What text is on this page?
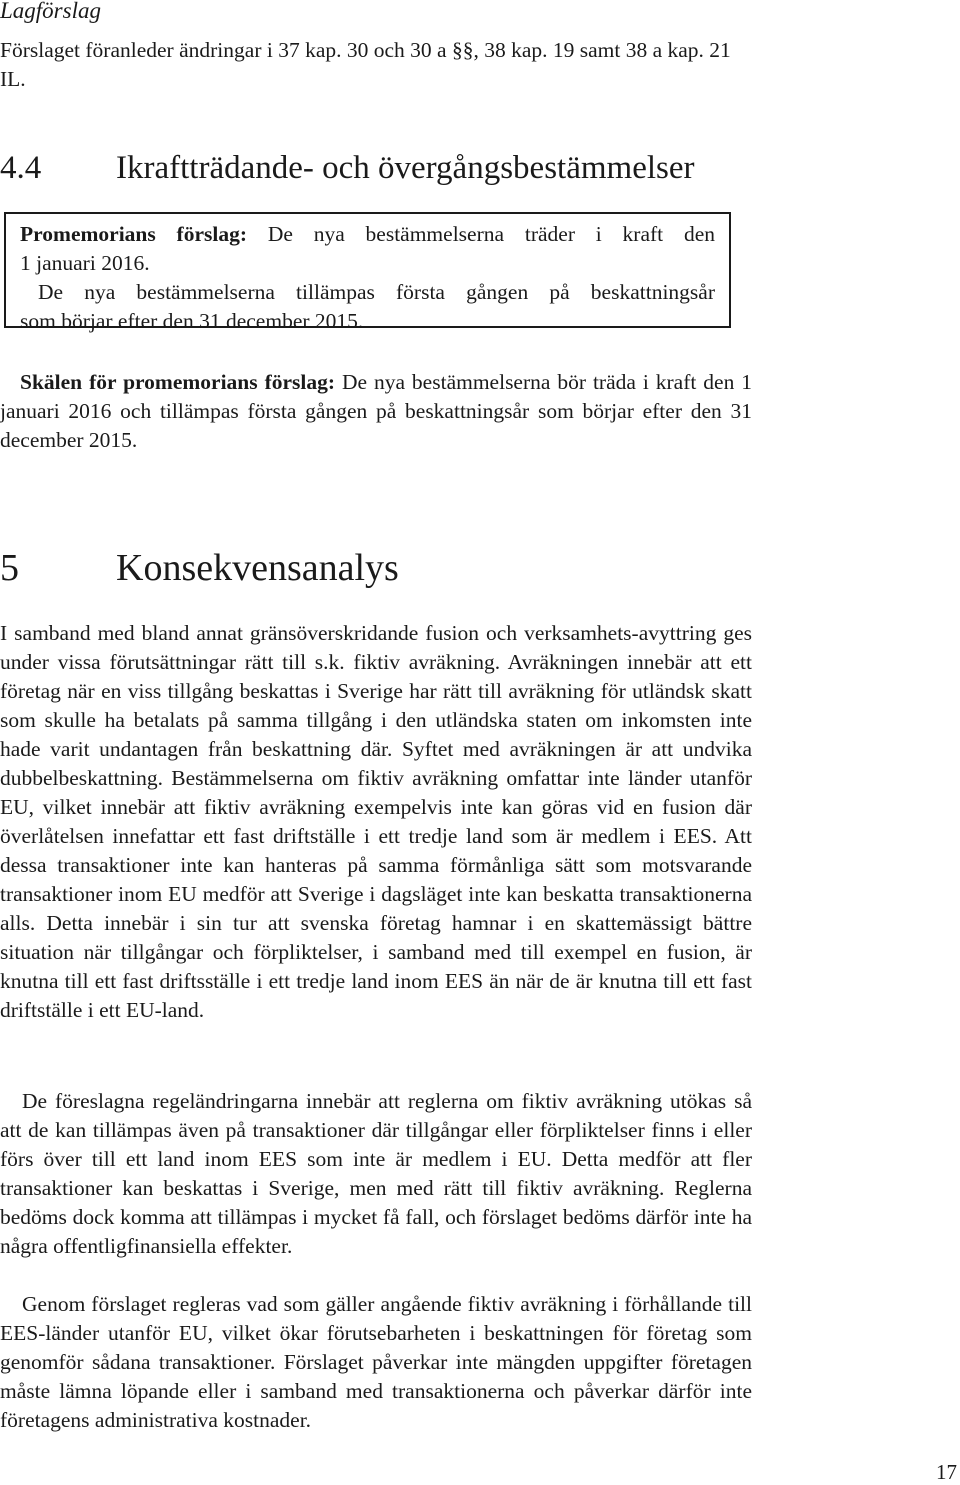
Lagförslag

Förslaget föranleder ändringar i 37 kap. 30 och 30 a §§, 38 kap. 19 samt 38 a kap. 21 IL.

4.4 Ikraftträdande- och övergångsbestämmelser
Promemorians förslag: De nya bestämmelserna träder i kraft den
1 januari 2016.
De nya bestämmelserna tillämpas första gången på beskattningsår
som börjar efter den 31 december 2015.

Skälen för promemorians förslag: De nya bestämmelserna bör träda i kraft den 1 januari 2016 och tillämpas första gången på beskattningsår som börjar efter den 31 december 2015.

5	Konsekvensanalys

I samband med bland annat gränsöverskridande fusion och verksamhets-avyttring ges under vissa förutsättningar rätt till s.k. fiktiv avräkning. Avräkningen innebär att ett företag när en viss tillgång beskattas i Sverige har rätt till avräkning för utländsk skatt som skulle ha betalats på samma tillgång i den utländska staten om inkomsten inte hade varit undantagen från beskattning där. Syftet med avräkningen är att undvika dubbelbeskattning. Bestämmelserna om fiktiv avräkning omfattar inte länder utanför EU, vilket innebär att fiktiv avräkning exempelvis inte kan göras vid en fusion där överlåtelsen innefattar ett fast driftställe i ett tredje land som är medlem i EES. Att dessa transaktioner inte kan hanteras på samma förmånliga sätt som motsvarande transaktioner inom EU medför att Sverige i dagsläget inte kan beskatta transaktionerna alls. Detta innebär i sin tur att svenska företag hamnar i en skattemässigt bättre situation när tillgångar och förpliktelser, i samband med till exempel en fusion, är knutna till ett fast driftsställe i ett tredje land inom EES än när de är knutna till ett fast driftställe i ett EU-land.

De föreslagna regeländringarna innebär att reglerna om fiktiv avräkning utökas så att de kan tillämpas även på transaktioner där tillgångar eller förpliktelser finns i eller förs över till ett land inom EES som inte är medlem i EU. Detta medför att fler transaktioner kan beskattas i Sverige, men med rätt till fiktiv avräkning. Reglerna bedöms dock komma att tillämpas i mycket få fall, och förslaget bedöms därför inte ha några offentligfinansiella effekter.

Genom förslaget regleras vad som gäller angående fiktiv avräkning i förhållande till EES-länder utanför EU, vilket ökar förutsebarheten i beskattningen för företag som genomför sådana transaktioner. Förslaget påverkar inte mängden uppgifter företagen måste lämna löpande eller i samband med transaktionerna och påverkar därför inte företagens administrativa kostnader.

17
